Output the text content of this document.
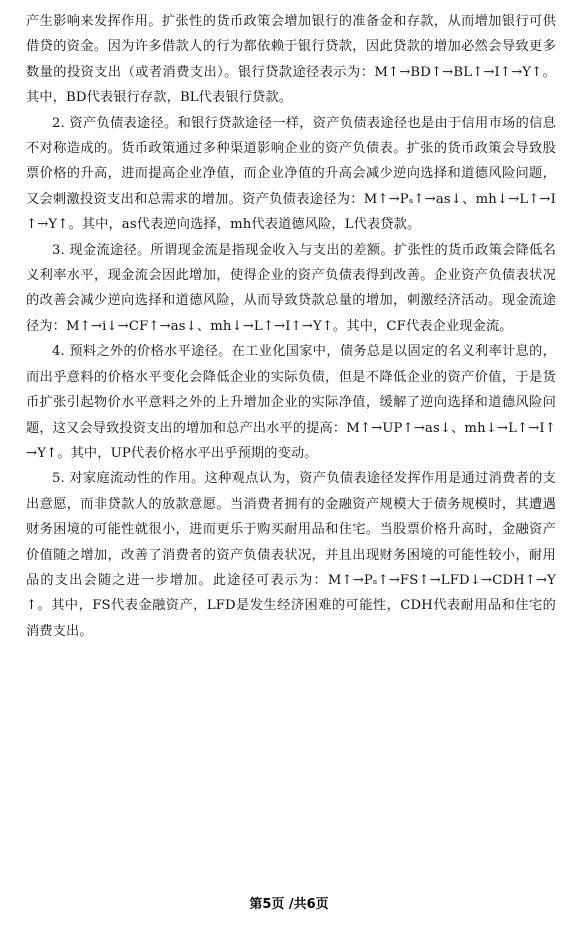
产生影响来发挥作用。扩张性的货币政策会增加银行的准备金和存款，从而增加银行可供借贷的资金。因为许多借款人的行为都依赖于银行贷款，因此贷款的增加必然会导致更多数量的投资支出（或者消费支出）。银行贷款途径表示为：M↑→BD↑→BL↑→I↑→Y↑。其中，BD代表银行存款，BL代表银行贷款。

2. 资产负债表途径。和银行贷款途径一样，资产负债表途径也是由于信用市场的信息不对称造成的。货币政策通过多种渠道影响企业的资产负债表。扩张的货币政策会导致股票价格的升高，进而提高企业净值，而企业净值的升高会减少逆向选择和道德风险问题，又会刺激投资支出和总需求的增加。资产负债表途径为：M↑→Pₛ↑→as↓、mh↓→L↑→I↑→Y↑。其中，as代表逆向选择，mh代表道德风险，L代表贷款。

3. 现金流途径。所谓现金流是指现金收入与支出的差额。扩张性的货币政策会降低名义利率水平，现金流会因此增加，使得企业的资产负债表得到改善。企业资产负债表状况的改善会减少逆向选择和道德风险，从而导致贷款总量的增加，刺激经济活动。现金流途径为：M↑→i↓→CF↑→as↓、mh↓→L↑→I↑→Y↑。其中，CF代表企业现金流。

4. 预料之外的价格水平途径。在工业化国家中，债务总是以固定的名义利率计息的，而出乎意料的价格水平变化会降低企业的实际负债，但是不降低企业的资产价值，于是货币扩张引起物价水平意料之外的上升增加企业的实际净值，缓解了逆向选择和道德风险问题，这又会导致投资支出的增加和总产出水平的提高：M↑→UP↑→as↓、mh↓→L↑→I↑→Y↑。其中，UP代表价格水平出乎预期的变动。

5. 对家庭流动性的作用。这种观点认为，资产负债表途径发挥作用是通过消费者的支出意愿，而非贷款人的放款意愿。当消费者拥有的金融资产规模大于债务规模时，其遭遇财务困境的可能性就很小，进而更乐于购买耐用品和住宅。当股票价格升高时，金融资产价值随之增加，改善了消费者的资产负债表状况，并且出现财务困境的可能性较小，耐用品的支出会随之进一步增加。此途径可表示为：M↑→Pₛ↑→FS↑→LFD↓→CDH↑→Y↑。其中，FS代表金融资产，LFD是发生经济困难的可能性，CDH代表耐用品和住宅的消费支出。

第5页 /共6页
